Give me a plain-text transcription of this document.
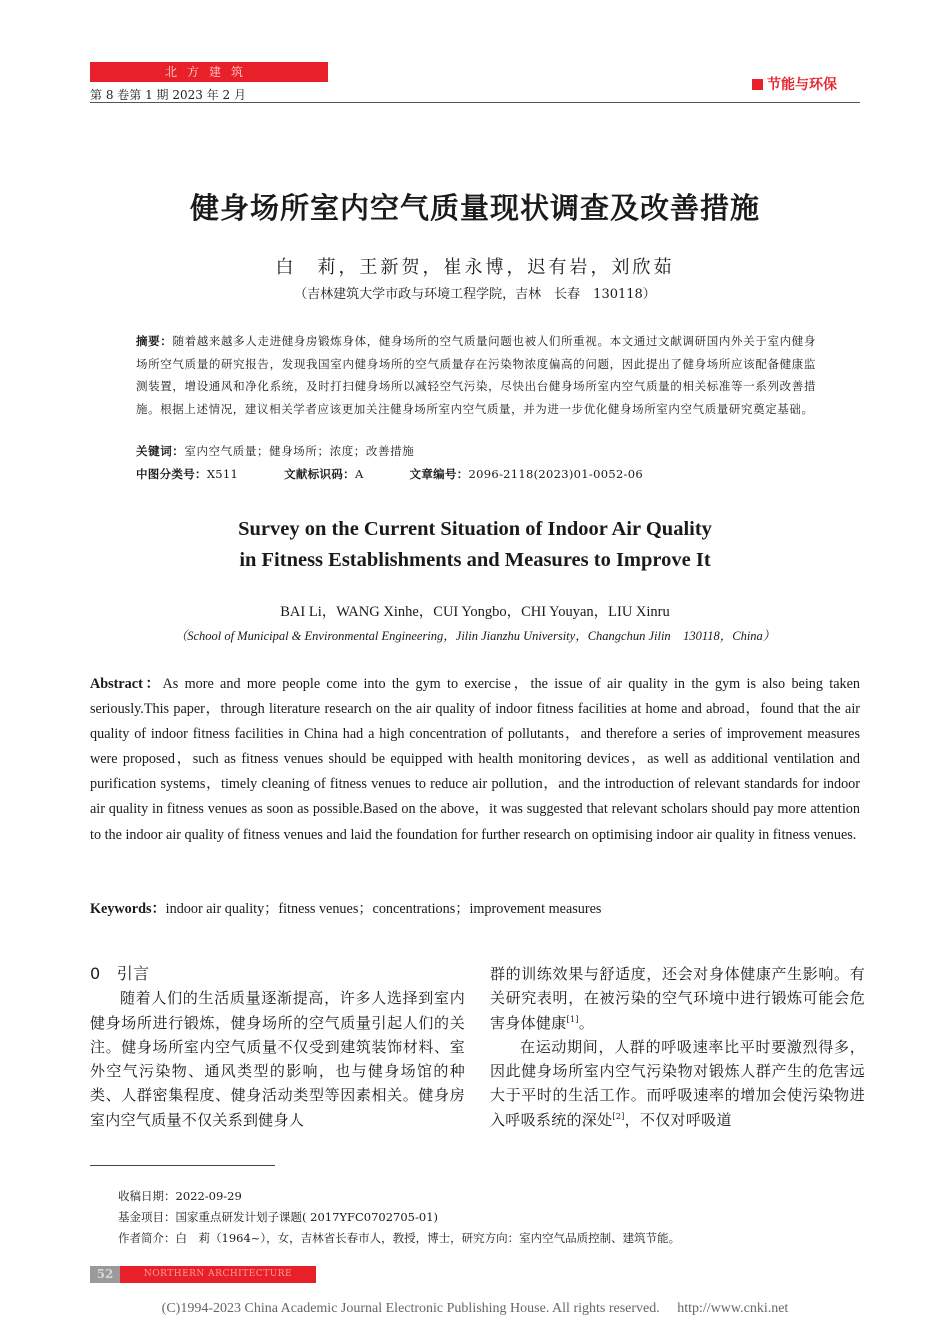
北方建筑
第 8 卷第 1 期 2023 年 2 月
节能与环保
健身场所室内空气质量现状调查及改善措施
白　莉，王新贺，崔永博，迟有岩，刘欣茹
（吉林建筑大学市政与环境工程学院，吉林　长春　130118）
摘要：随着越来越多人走进健身房锻炼身体，健身场所的空气质量问题也被人们所重视。本文通过文献调研国内外关于室内健身场所空气质量的研究报告，发现我国室内健身场所的空气质量存在污染物浓度偏高的问题，因此提出了健身场所应该配备健康监测装置，增设通风和净化系统，及时打扫健身场所以减轻空气污染，尽快出台健身场所室内空气质量的相关标准等一系列改善措施。根据上述情况，建议相关学者应该更加关注健身场所室内空气质量，并为进一步优化健身场所室内空气质量研究奠定基础。
关键词：室内空气质量；健身场所；浓度；改善措施
中图分类号：X511	文献标识码：A	文章编号：2096-2118(2023)01-0052-06
Survey on the Current Situation of Indoor Air Quality
in Fitness Establishments and Measures to Improve It
BAI Li，WANG Xinhe，CUI Yongbo，CHI Youyan，LIU Xinru
（School of Municipal & Environmental Engineering，Jilin Jianzhu University，Changchun Jilin　130118，China）
Abstract：As more and more people come into the gym to exercise，the issue of air quality in the gym is also being taken seriously.This paper，through literature research on the air quality of indoor fitness facilities at home and abroad，found that the air quality of indoor fitness facilities in China had a high concentration of pollutants，and therefore a series of improvement measures were proposed，such as fitness venues should be equipped with health monitoring devices，as well as additional ventilation and purification systems，timely cleaning of fitness venues to reduce air pollution，and the introduction of relevant standards for indoor air quality in fitness venues as soon as possible.Based on the above，it was suggested that relevant scholars should pay more attention to the indoor air quality of fitness venues and laid the foundation for further research on optimising indoor air quality in fitness venues.
Keywords：indoor air quality；fitness venues；concentrations；improvement measures
0　引言
随着人们的生活质量逐渐提高，许多人选择到室内健身场所进行锻炼，健身场所的空气质量引起人们的关注。健身场所室内空气质量不仅受到建筑装饰材料、室外空气污染物、通风类型的影响，也与健身场馆的种类、人群密集程度、健身活动类型等因素相关。健身房室内空气质量不仅关系到健身人
群的训练效果与舒适度，还会对身体健康产生影响。有关研究表明，在被污染的空气环境中进行锻炼可能会危害身体健康[1]。
在运动期间，人群的呼吸速率比平时要激烈得多，因此健身场所室内空气污染物对锻炼人群产生的危害远大于平时的生活工作。而呼吸速率的增加会使污染物进入呼吸系统的深处[2]，不仅对呼吸道
收稿日期：2022-09-29
基金项目：国家重点研发计划子课题( 2017YFC0702705-01)
作者简介：白　莉（1964~），女，吉林省长春市人，教授，博士，研究方向：室内空气品质控制、建筑节能。
52	NORTHERN ARCHITECTURE
(C)1994-2023 China Academic Journal Electronic Publishing House. All rights reserved.　 http://www.cnki.net
